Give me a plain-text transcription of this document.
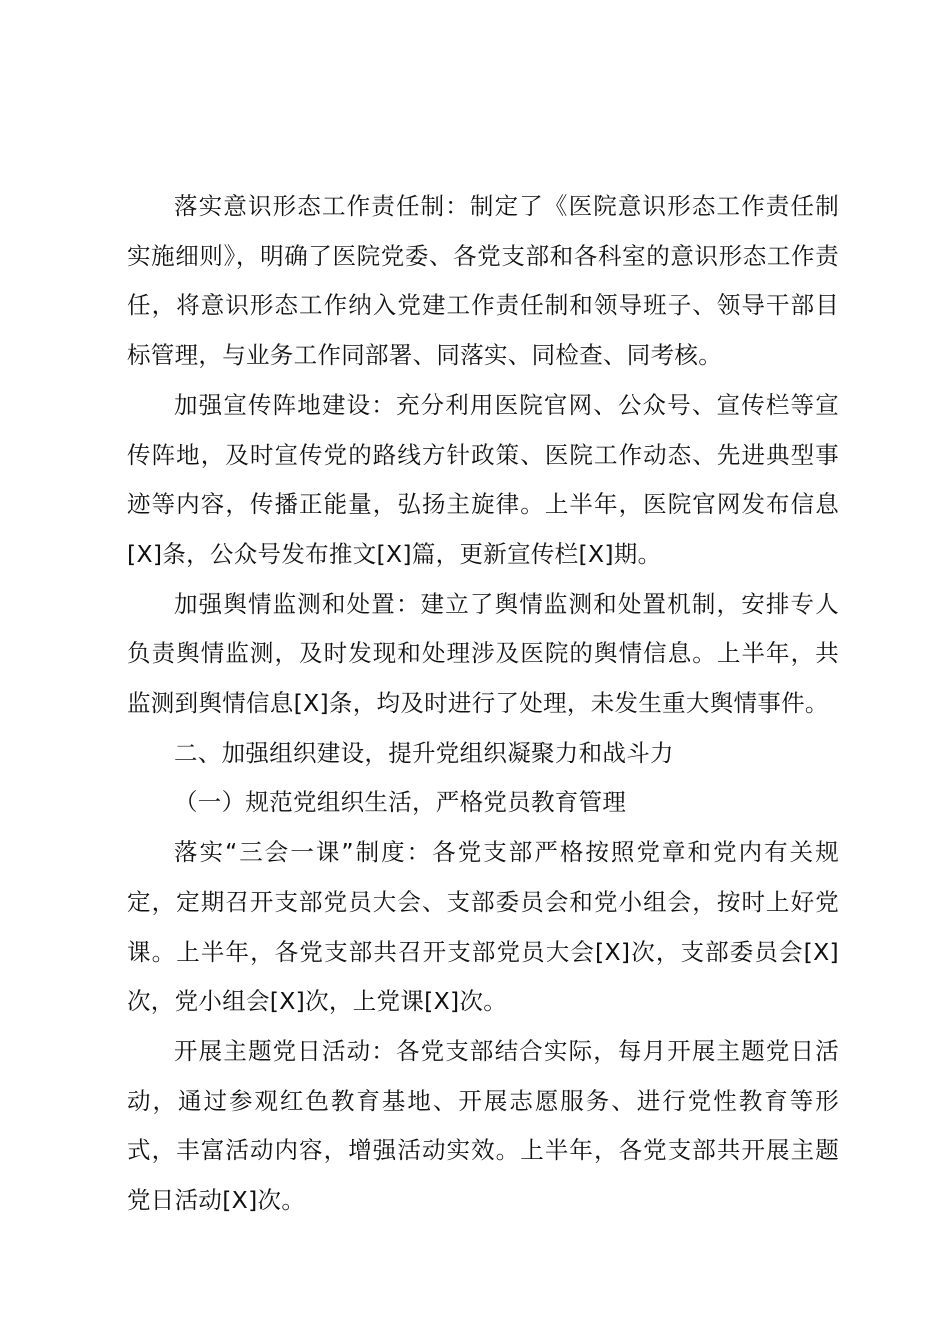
落实意识形态工作责任制：制定了《医院意识形态工作责任制实施细则》，明确了医院党委、各党支部和各科室的意识形态工作责任，将意识形态工作纳入党建工作责任制和领导班子、领导干部目标管理，与业务工作同部署、同落实、同检查、同考核。

加强宣传阵地建设：充分利用医院官网、公众号、宣传栏等宣传阵地，及时宣传党的路线方针政策、医院工作动态、先进典型事迹等内容，传播正能量，弘扬主旋律。上半年，医院官网发布信息[X]条，公众号发布推文[X]篇，更新宣传栏[X]期。

加强舆情监测和处置：建立了舆情监测和处置机制，安排专人负责舆情监测，及时发现和处理涉及医院的舆情信息。上半年，共监测到舆情信息[X]条，均及时进行了处理，未发生重大舆情事件。

二、加强组织建设，提升党组织凝聚力和战斗力

（一）规范党组织生活，严格党员教育管理

落实“三会一课”制度：各党支部严格按照党章和党内有关规定，定期召开支部党员大会、支部委员会和党小组会，按时上好党课。上半年，各党支部共召开支部党员大会[X]次，支部委员会[X]次，党小组会[X]次，上党课[X]次。

开展主题党日活动：各党支部结合实际，每月开展主题党日活动，通过参观红色教育基地、开展志愿服务、进行党性教育等形式，丰富活动内容，增强活动实效。上半年，各党支部共开展主题党日活动[X]次。
